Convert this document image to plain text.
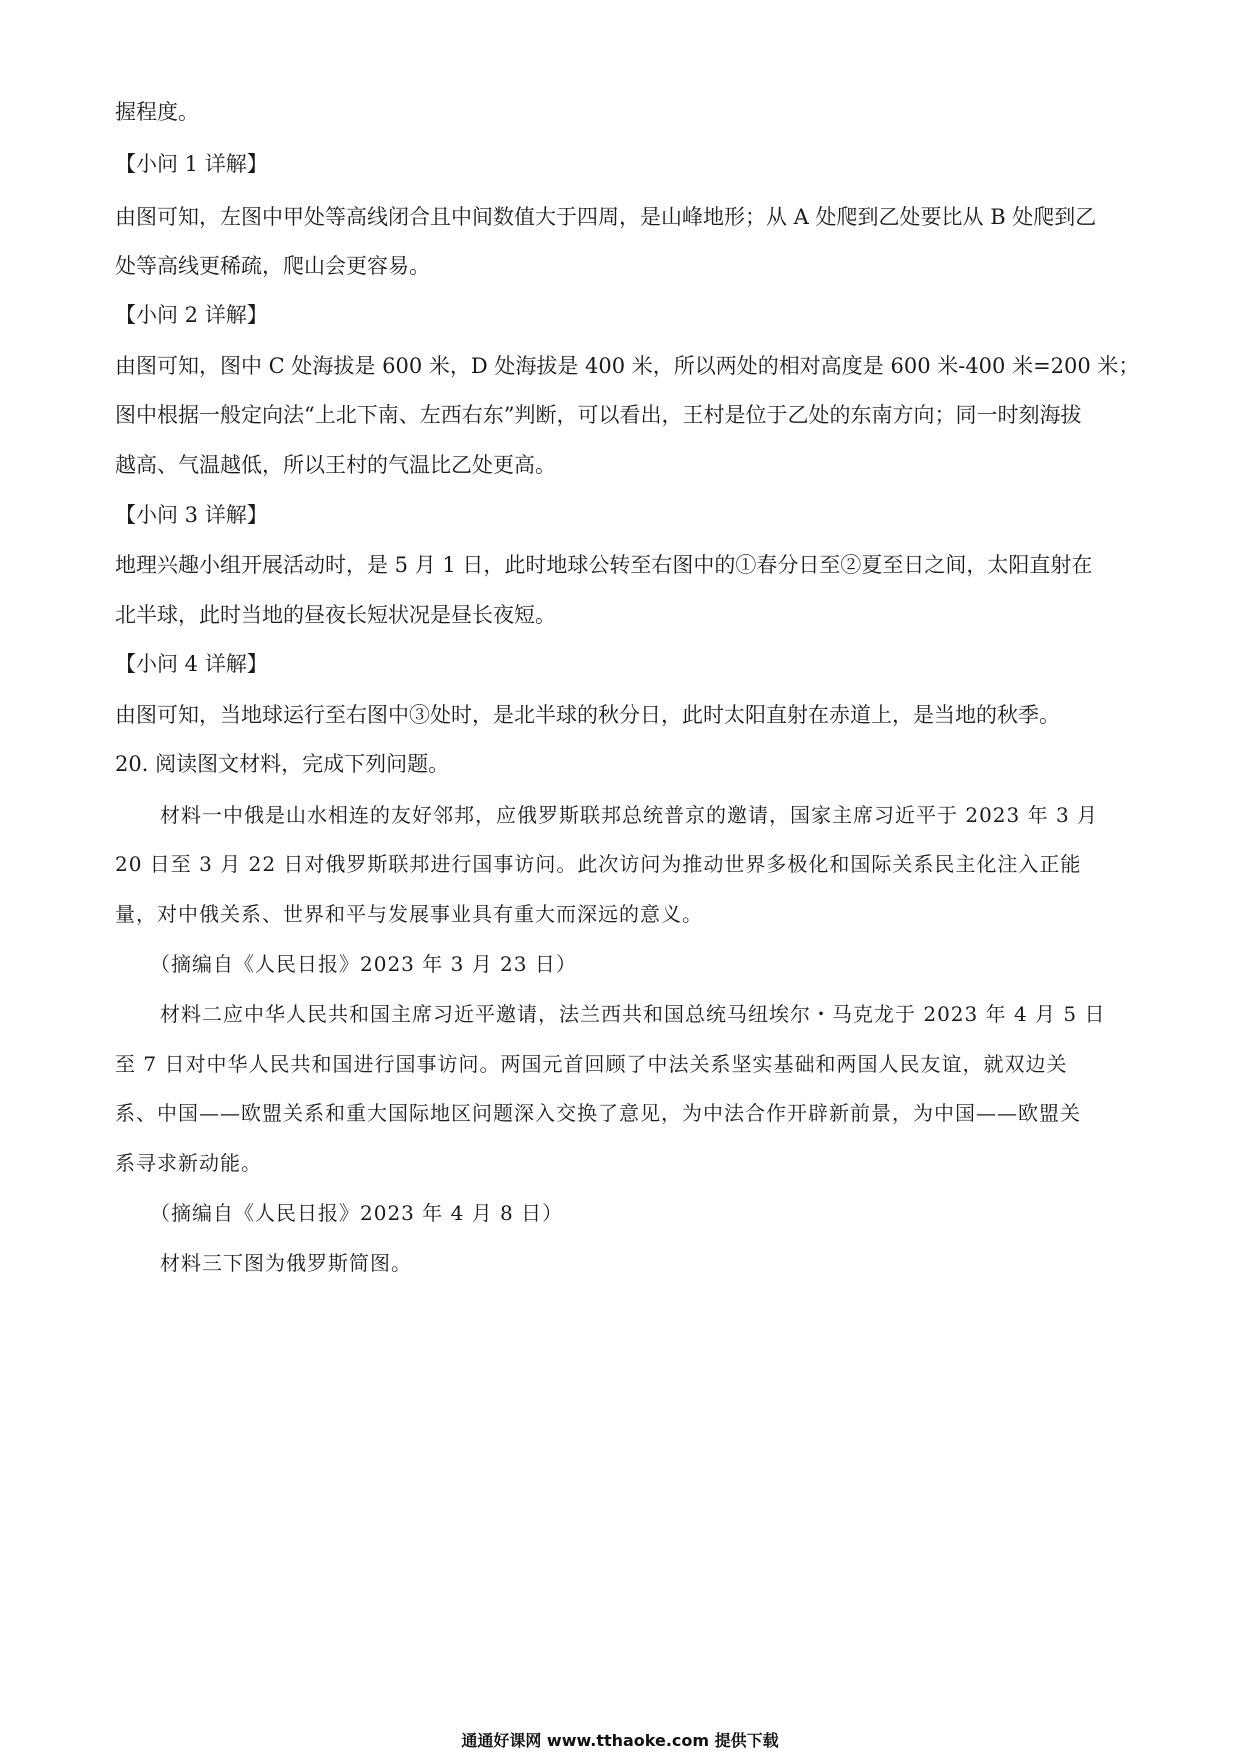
握程度。
【小问 1 详解】
由图可知，左图中甲处等高线闭合且中间数值大于四周，是山峰地形；从 A 处爬到乙处要比从 B 处爬到乙
处等高线更稀疏，爬山会更容易。
【小问 2 详解】
由图可知，图中 C 处海拔是 600 米，D 处海拔是 400 米，所以两处的相对高度是 600 米-400 米=200 米；
图中根据一般定向法“上北下南、左西右东”判断，可以看出，王村是位于乙处的东南方向；同一时刻海拔
越高、气温越低，所以王村的气温比乙处更高。
【小问 3 详解】
地理兴趣小组开展活动时，是 5 月 1 日，此时地球公转至右图中的①春分日至②夏至日之间，太阳直射在
北半球，此时当地的昼夜长短状况是昼长夜短。
【小问 4 详解】
由图可知，当地球运行至右图中③处时，是北半球的秋分日，此时太阳直射在赤道上，是当地的秋季。
20. 阅读图文材料，完成下列问题。
材料一中俄是山水相连的友好邻邦，应俄罗斯联邦总统普京的邀请，国家主席习近平于 2023 年 3 月
20 日至 3 月 22 日对俄罗斯联邦进行国事访问。此次访问为推动世界多极化和国际关系民主化注入正能
量，对中俄关系、世界和平与发展事业具有重大而深远的意义。
（摘编自《人民日报》2023 年 3 月 23 日）
材料二应中华人民共和国主席习近平邀请，法兰西共和国总统马纽埃尔・马克龙于 2023 年 4 月 5 日
至 7 日对中华人民共和国进行国事访问。两国元首回顾了中法关系坚实基础和两国人民友谊，就双边关
系、中国——欧盟关系和重大国际地区问题深入交换了意见，为中法合作开辟新前景，为中国——欧盟关
系寻求新动能。
（摘编自《人民日报》2023 年 4 月 8 日）
材料三下图为俄罗斯简图。
通通好课网 www.tthaoke.com 提供下载
